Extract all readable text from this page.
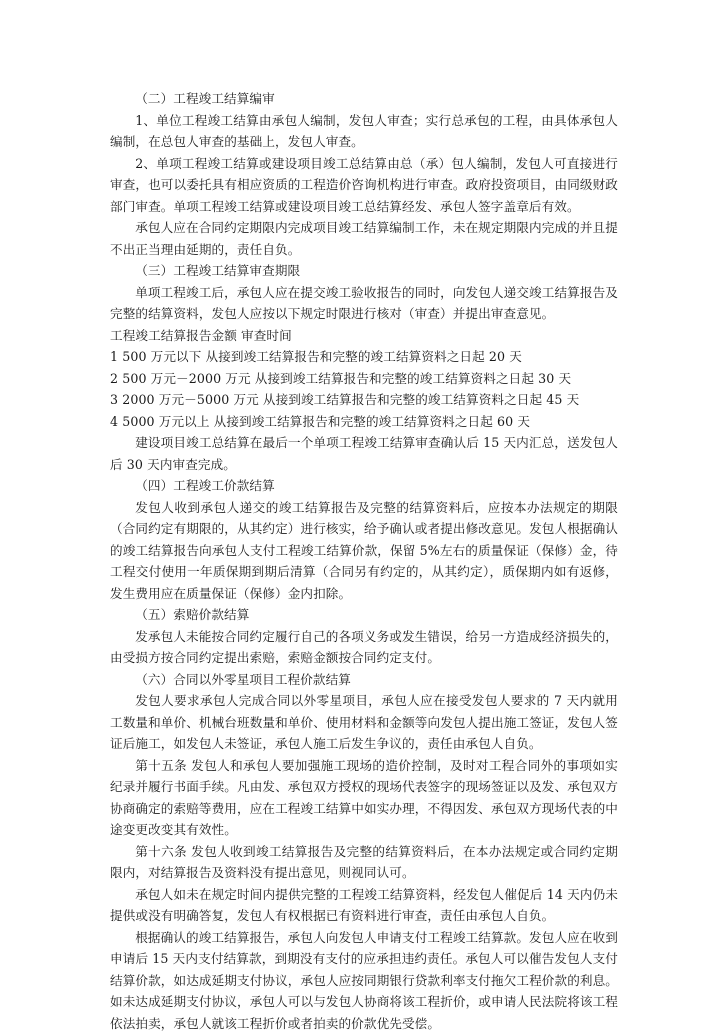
（二）工程竣工结算编审

1、单位工程竣工结算由承包人编制，发包人审查；实行总承包的工程，由具体承包人编制，在总包人审查的基础上，发包人审查。

2、单项工程竣工结算或建设项目竣工总结算由总（承）包人编制，发包人可直接进行审查，也可以委托具有相应资质的工程造价咨询机构进行审查。政府投资项目，由同级财政部门审查。单项工程竣工结算或建设项目竣工总结算经发、承包人签字盖章后有效。

承包人应在合同约定期限内完成项目竣工结算编制工作，未在规定期限内完成的并且提不出正当理由延期的，责任自负。

（三）工程竣工结算审查期限

单项工程竣工后，承包人应在提交竣工验收报告的同时，向发包人递交竣工结算报告及完整的结算资料，发包人应按以下规定时限进行核对（审查）并提出审查意见。

工程竣工结算报告金额 审查时间

1 500 万元以下 从接到竣工结算报告和完整的竣工结算资料之日起 20 天

2 500 万元－2000 万元 从接到竣工结算报告和完整的竣工结算资料之日起 30 天

3 2000 万元－5000 万元 从接到竣工结算报告和完整的竣工结算资料之日起 45 天

4 5000 万元以上 从接到竣工结算报告和完整的竣工结算资料之日起 60 天

建设项目竣工总结算在最后一个单项工程竣工结算审查确认后 15 天内汇总，送发包人后 30 天内审查完成。

（四）工程竣工价款结算

发包人收到承包人递交的竣工结算报告及完整的结算资料后，应按本办法规定的期限（合同约定有期限的，从其约定）进行核实，给予确认或者提出修改意见。发包人根据确认的竣工结算报告向承包人支付工程竣工结算价款，保留 5%左右的质量保证（保修）金，待工程交付使用一年质保期到期后清算（合同另有约定的，从其约定），质保期内如有返修，发生费用应在质量保证（保修）金内扣除。

（五）索赔价款结算

发承包人未能按合同约定履行自己的各项义务或发生错误，给另一方造成经济损失的，由受损方按合同约定提出索赔，索赔金额按合同约定支付。

（六）合同以外零星项目工程价款结算

发包人要求承包人完成合同以外零星项目，承包人应在接受发包人要求的 7 天内就用工数量和单价、机械台班数量和单价、使用材料和金额等向发包人提出施工签证，发包人签证后施工，如发包人未签证，承包人施工后发生争议的，责任由承包人自负。

第十五条 发包人和承包人要加强施工现场的造价控制，及时对工程合同外的事项如实纪录并履行书面手续。凡由发、承包双方授权的现场代表签字的现场签证以及发、承包双方协商确定的索赔等费用，应在工程竣工结算中如实办理，不得因发、承包双方现场代表的中途变更改变其有效性。

第十六条 发包人收到竣工结算报告及完整的结算资料后，在本办法规定或合同约定期限内，对结算报告及资料没有提出意见，则视同认可。

承包人如未在规定时间内提供完整的工程竣工结算资料，经发包人催促后 14 天内仍未提供或没有明确答复，发包人有权根据已有资料进行审查，责任由承包人自负。

根据确认的竣工结算报告，承包人向发包人申请支付工程竣工结算款。发包人应在收到申请后 15 天内支付结算款，到期没有支付的应承担违约责任。承包人可以催告发包人支付结算价款，如达成延期支付协议，承包人应按同期银行贷款利率支付拖欠工程价款的利息。如未达成延期支付协议，承包人可以与发包人协商将该工程折价，或申请人民法院将该工程依法拍卖，承包人就该工程折价或者拍卖的价款优先受偿。
